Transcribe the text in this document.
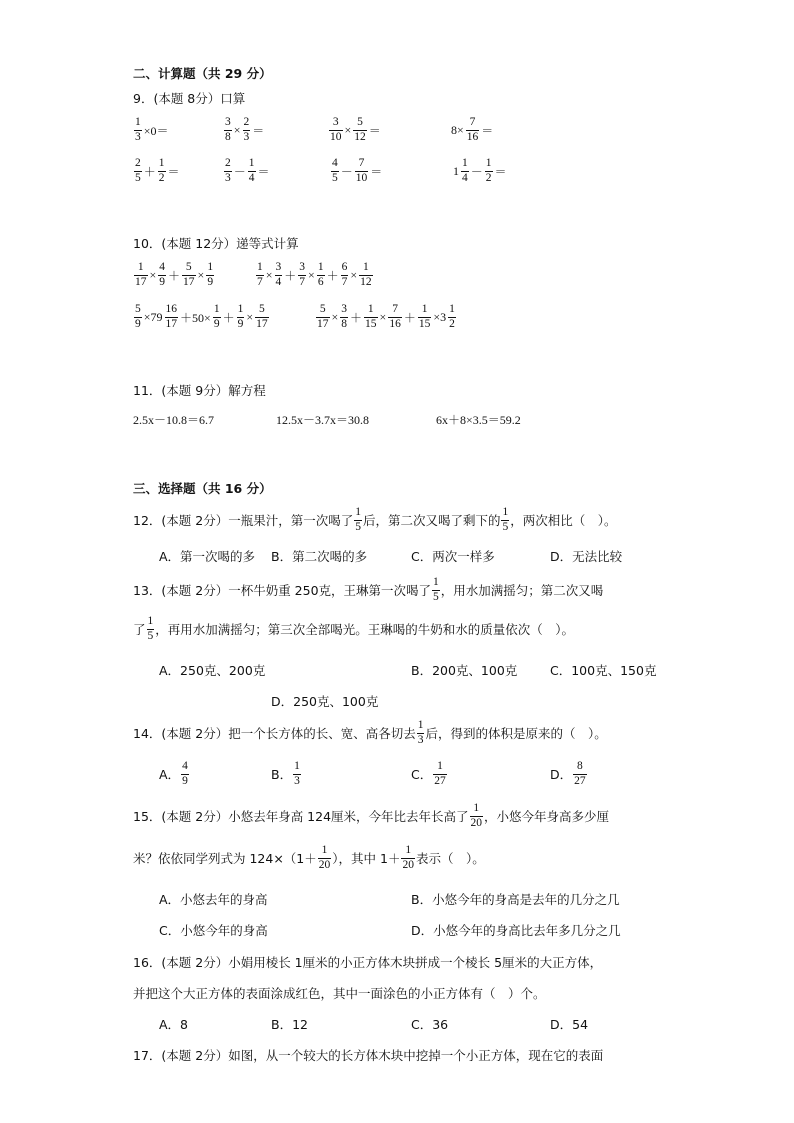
二、计算题（共 29 分）
9．(本题 8分）口算
$\frac{1}{3} \times 0=$	$\frac{3}{8} \times \frac{2}{3}$ ＝	$\frac{3}{10} \times \frac{5}{12}$ ＝	$8\times \frac{7}{16}$ ＝
$\frac{2}{5} + \frac{1}{2}$ ＝	$\frac{2}{3} - \frac{1}{4}$ ＝	$\frac{4}{5} - \frac{7}{10}$ ＝	$1 \frac{1}{4} - \frac{1}{2}$ ＝
10．(本题 12分）递等式计算
$\frac{1}{17} \times \frac{4}{9} + \frac{5}{17} \times \frac{1}{9}$	$\frac{1}{7} \times \frac{3}{4} + \frac{3}{7} \times \frac{1}{6} + \frac{6}{7} \times \frac{1}{12}$
$\frac{5}{9} \times 79 \frac{16}{17} +50\times \frac{1}{9} + \frac{1}{9} \times \frac{5}{17}$	$\frac{5}{17} \times \frac{3}{8} + \frac{1}{15} \times \frac{7}{16} + \frac{1}{15} \times 3 \frac{1}{2}$
11．(本题 9分）解方程
2.5x－10.8＝6.7	12.5x－3.7x＝30.8	6x＋8×3.5＝59.2
三、选择题（共 16 分）
12．(本题 2分）一瓶果汁，第一次喝了 $\frac{1}{5}$ 后，第二次又喝了剩下的 $\frac{1}{5}$ ，两次相比（　）。
A．第一次喝的多 B．第二次喝的多	C．两次一样多	D．无法比较
13．(本题 2分）一杯牛奶重 250克，王琳第一次喝了 $\frac{1}{5}$ ，用水加满摇匀；第二次又喝
了 $\frac{1}{5}$ ，再用水加满摇匀；第三次全部喝光。王琳喝的牛奶和水的质量依次（　）。
A．250克、200克	B．200克、100克	C．100克、150克
D．250克、100克
14．(本题 2分）把一个长方体的长、宽、高各切去 $\frac{1}{3}$ 后，得到的体积是原来的（　）。
A． $\frac{4}{9}$	B． $\frac{1}{3}$	C． $\frac{1}{27}$	D． $\frac{8}{27}$
15．(本题 2分）小悠去年身高 124厘米，今年比去年长高了 $\frac{1}{20}$ ，小悠今年身高多少厘
米？依依同学列式为 $124\times(1+ \frac{1}{20}$ ），其中 $1+ \frac{1}{20}$ 表示（　）。
A．小悠去年的身高	B．小悠今年的身高是去年的几分之几
C．小悠今年的身高	D．小悠今年的身高比去年多几分之几
16．(本题 2分）小娟用棱长 1厘米的小正方体木块拼成一个棱长 5厘米的大正方体，
并把这个大正方体的表面涂成红色，其中一面涂色的小正方体有（　）个。
A．8	B．12	C．36	D．54
17．(本题 2分）如图，从一个较大的长方体木块中挖掉一个小正方体，现在它的表面
